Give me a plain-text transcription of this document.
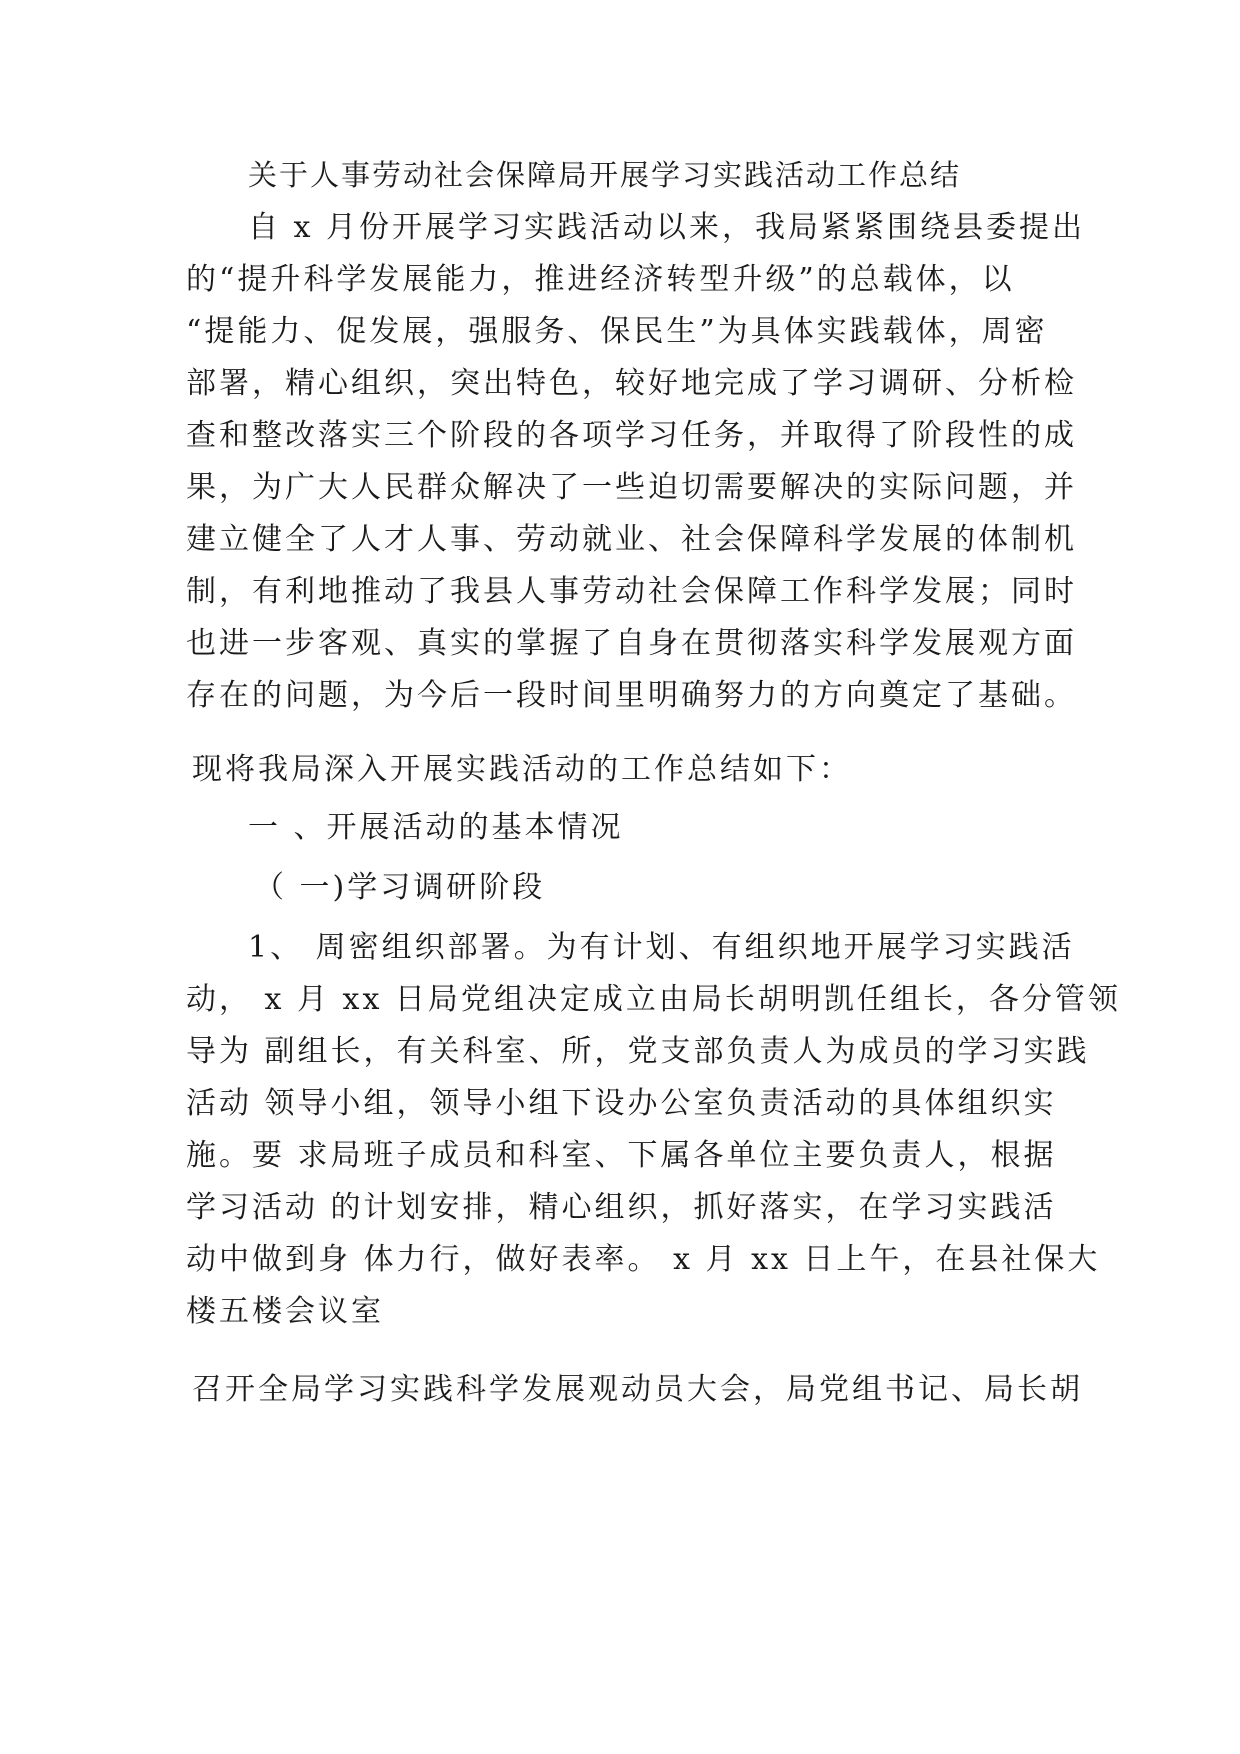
关于人事劳动社会保障局开展学习实践活动工作总结
自 x 月份开展学习实践活动以来，我局紧紧围绕县委提出
的“提升科学发展能力，推进经济转型升级”的总载体，以
“提能力、促发展，强服务、保民生”为具体实践载体，周密
部署，精心组织，突出特色，较好地完成了学习调研、分析检
查和整改落实三个阶段的各项学习任务，并取得了阶段性的成
果，为广大人民群众解决了一些迫切需要解决的实际问题，并
建立健全了人才人事、劳动就业、社会保障科学发展的体制机
制，有利地推动了我县人事劳动社会保障工作科学发展；同时
也进一步客观、真实的掌握了自身在贯彻落实科学发展观方面
存在的问题，为今后一段时间里明确努力的方向奠定了基础。
现将我局深入开展实践活动的工作总结如下：
一 、开展活动的基本情况
（ 一)学习调研阶段
1、 周密组织部署。为有计划、有组织地开展学习实践活
动， x 月 xx 日局党组决定成立由局长胡明凯任组长，各分管领
导为 副组长，有关科室、所，党支部负责人为成员的学习实践
活动 领导小组，领导小组下设办公室负责活动的具体组织实
施。要 求局班子成员和科室、下属各单位主要负责人，根据
学习活动 的计划安排，精心组织，抓好落实，在学习实践活
动中做到身 体力行，做好表率。 x 月 xx 日上午，在县社保大
楼五楼会议室
召开全局学习实践科学发展观动员大会，局党组书记、局长胡
